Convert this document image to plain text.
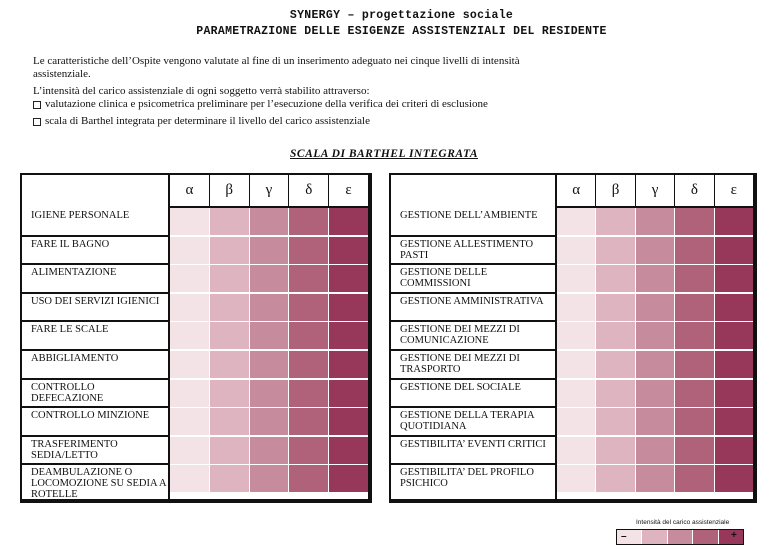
SYNERGY – progettazione sociale
PARAMETRAZIONE DELLE ESIGENZE ASSISTENZIALI DEL RESIDENTE
Le caratteristiche dell’Ospite vengono valutate al fine di un inserimento adeguato nei cinque livelli di intensità assistenziale.
L’intensità del carico assistenziale di ogni soggetto verrà stabilito attraverso:
valutazione clinica e psicometrica preliminare per l’esecuzione della verifica dei criteri di esclusione
scala di Barthel integrata per determinare il livello del carico assistenziale
SCALA DI BARTHEL INTEGRATA
IGIENE PERSONALE
FARE IL BAGNO
ALIMENTAZIONE
USO DEI SERVIZI IGIENICI
FARE LE SCALE
ABBIGLIAMENTO
CONTROLLO DEFECAZIONE
CONTROLLO MINZIONE
TRASFERIMENTO SEDIA/LETTO
DEAMBULAZIONE O LOCOMOZIONE SU SEDIA A ROTELLE
α	β	γ	δ	ε
GESTIONE DELL’AMBIENTE
GESTIONE ALLESTIMENTO PASTI
GESTIONE DELLE COMMISSIONI
GESTIONE AMMINISTRATIVA
GESTIONE DEI MEZZI DI COMUNICAZIONE
GESTIONE DEI MEZZI DI TRASPORTO
GESTIONE DEL SOCIALE
GESTIONE DELLA TERAPIA QUOTIDIANA
GESTIBILITA’ EVENTI CRITICI
GESTIBILITA’ DEL PROFILO PSICHICO
α	β	γ	δ	ε
Intensità del carico assistenziale
–	+
